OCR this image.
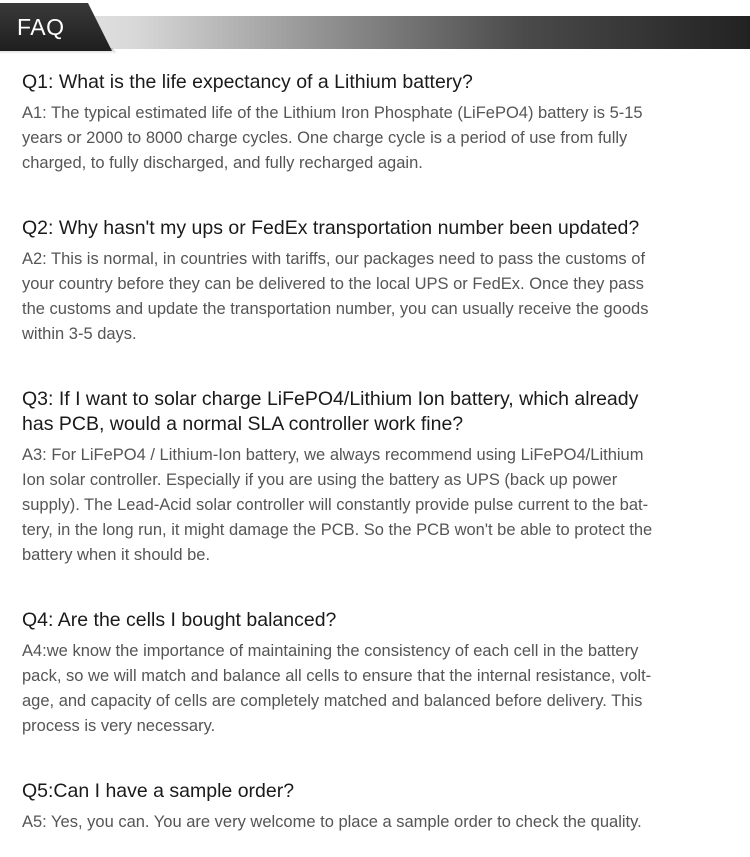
FAQ

Q1: What is the life expectancy of a Lithium battery?

A1: The typical estimated life of the Lithium Iron Phosphate (LiFePO4) battery is 5-15
years or 2000 to 8000 charge cycles. One charge cycle is a period of use from fully
charged, to fully discharged, and fully recharged again.

Q2: Why hasn't my ups or FedEx transportation number been updated?

A2: This is normal, in countries with tariffs, our packages need to pass the customs of
your country before they can be delivered to the local UPS or FedEx. Once they pass
the customs and update the transportation number, you can usually receive the goods
within 3-5 days.

Q3: If I want to solar charge LiFePO4/Lithium Ion battery, which already
has PCB, would a normal SLA controller work fine?

A3: For LiFePO4 / Lithium-Ion battery, we always recommend using LiFePO4/Lithium
Ion solar controller. Especially if you are using the battery as UPS (back up power
supply). The Lead-Acid solar controller will constantly provide pulse current to the bat-
tery, in the long run, it might damage the PCB. So the PCB won't be able to protect the
battery when it should be.

Q4: Are the cells I bought balanced?

A4:we know the importance of maintaining the consistency of each cell in the battery
pack, so we will match and balance all cells to ensure that the internal resistance, volt-
age, and capacity of cells are completely matched and balanced before delivery. This
process is very necessary.

Q5:Can I have a sample order?

A5: Yes, you can. You are very welcome to place a sample order to check the quality.
